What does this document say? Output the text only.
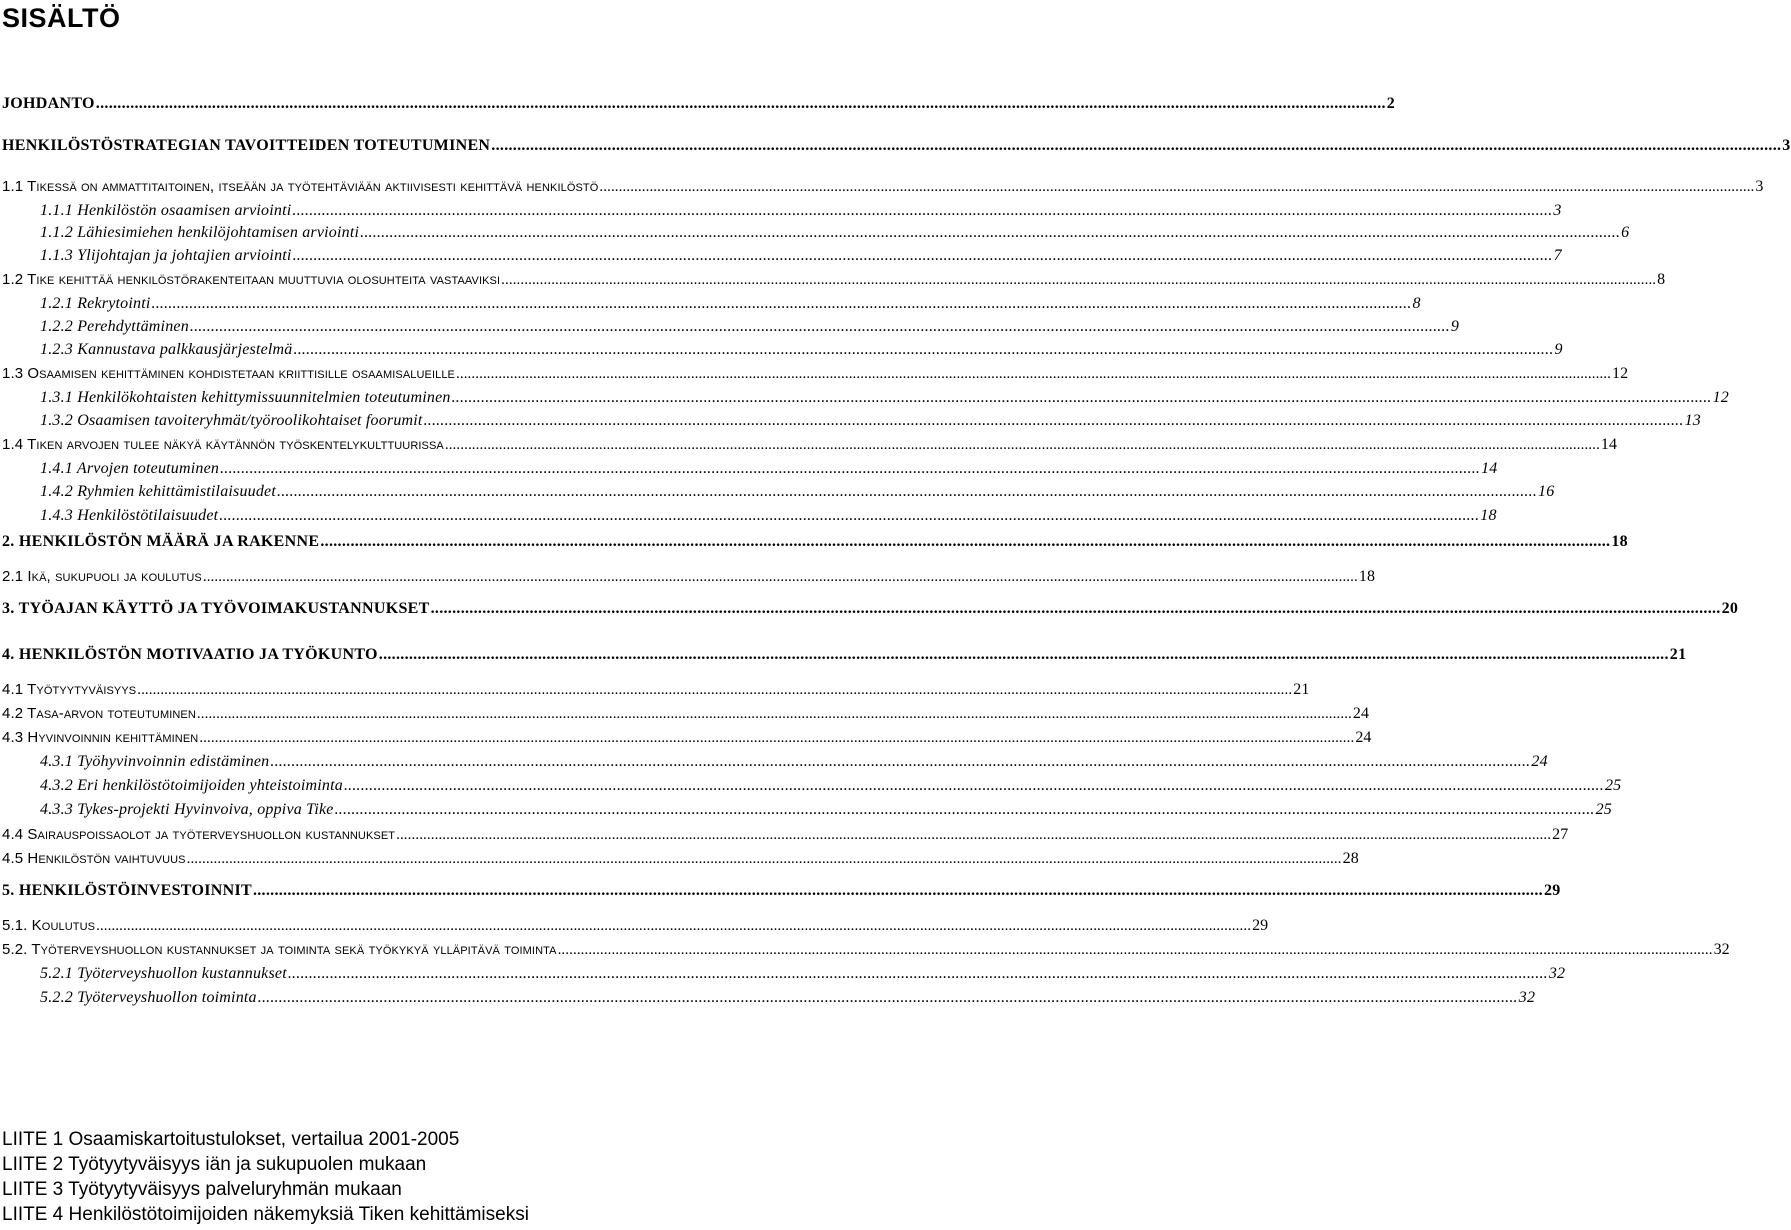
SISÄLTÖ
JOHDANTO ............................................................................................................................................................................................................................................................................................................ 2
HENKILÖSTÖSTRATEGIAN TAVOITTEIDEN TOTEUTUMINEN ............................................................................................................................................................................................................................................................................................................ 3
1.1 Tikessä on ammattitaitoinen, itseään ja työtehtäviään aktiivisesti kehittävä henkilöstö ............................................................................................................................................................................................................................................................................................................ 3
1.1.1 Henkilöstön osaamisen arviointi ............................................................................................................................................................................................................................................................................................................ 3
1.1.2 Lähiesimiehen henkilöjohtamisen arviointi ............................................................................................................................................................................................................................................................................................................ 6
1.1.3 Ylijohtajan ja johtajien arviointi ............................................................................................................................................................................................................................................................................................................ 7
1.2 Tike kehittää henkilöstörakenteitaan muuttuvia olosuhteita vastaaviksi ............................................................................................................................................................................................................................................................................................................ 8
1.2.1 Rekrytointi ............................................................................................................................................................................................................................................................................................................ 8
1.2.2 Perehdyttäminen ............................................................................................................................................................................................................................................................................................................ 9
1.2.3 Kannustava palkkausjärjestelmä ............................................................................................................................................................................................................................................................................................................ 9
1.3 Osaamisen kehittäminen kohdistetaan kriittisille osaamisalueille ............................................................................................................................................................................................................................................................................................................ 12
1.3.1 Henkilökohtaisten kehittymissuunnitelmien toteutuminen ............................................................................................................................................................................................................................................................................................................ 12
1.3.2 Osaamisen tavoiteryhmät/työroolikohtaiset foorumit ............................................................................................................................................................................................................................................................................................................ 13
1.4 Tiken arvojen tulee näkyä käytännön työskentelykulttuurissa ............................................................................................................................................................................................................................................................................................................ 14
1.4.1 Arvojen toteutuminen ............................................................................................................................................................................................................................................................................................................ 14
1.4.2 Ryhmien kehittämistilaisuudet ............................................................................................................................................................................................................................................................................................................ 16
1.4.3 Henkilöstötilaisuudet ............................................................................................................................................................................................................................................................................................................ 18
2. HENKILÖSTÖN MÄÄRÄ JA RAKENNE ............................................................................................................................................................................................................................................................................................................ 18
2.1 Ikä, sukupuoli ja koulutus ............................................................................................................................................................................................................................................................................................................ 18
3. TYÖAJAN KÄYTTÖ JA TYÖVOIMAKUSTANNUKSET ............................................................................................................................................................................................................................................................................................................ 20
4. HENKILÖSTÖN MOTIVAATIO JA TYÖKUNTO ............................................................................................................................................................................................................................................................................................................ 21
4.1 Työtyytyväisyys ............................................................................................................................................................................................................................................................................................................ 21
4.2 Tasa-arvon toteutuminen ............................................................................................................................................................................................................................................................................................................ 24
4.3 Hyvinvoinnin kehittäminen ............................................................................................................................................................................................................................................................................................................ 24
4.3.1 Työhyvinvoinnin edistäminen ............................................................................................................................................................................................................................................................................................................ 24
4.3.2 Eri henkilöstötoimijoiden yhteistoiminta ............................................................................................................................................................................................................................................................................................................ 25
4.3.3 Tykes-projekti Hyvinvoiva, oppiva Tike ............................................................................................................................................................................................................................................................................................................ 25
4.4 Sairauspoissaolot ja työterveyshuollon kustannukset ............................................................................................................................................................................................................................................................................................................ 27
4.5 Henkilöstön vaihtuvuus ............................................................................................................................................................................................................................................................................................................ 28
5. HENKILÖSTÖINVESTOINNIT ............................................................................................................................................................................................................................................................................................................ 29
5.1. Koulutus ............................................................................................................................................................................................................................................................................................................ 29
5.2. Työterveyshuollon kustannukset ja toiminta sekä työkykyä ylläpitävä toiminta ............................................................................................................................................................................................................................................................................................................ 32
5.2.1 Työterveyshuollon kustannukset ............................................................................................................................................................................................................................................................................................................ 32
5.2.2 Työterveyshuollon toiminta ............................................................................................................................................................................................................................................................................................................ 32
LIITE 1 Osaamiskartoitustulokset, vertailua 2001-2005
LIITE 2 Työtyytyväisyys iän ja sukupuolen mukaan
LIITE 3 Työtyytyväisyys palveluryhmän mukaan
LIITE 4 Henkilöstötoimijoiden näkemyksiä Tiken kehittämiseksi
